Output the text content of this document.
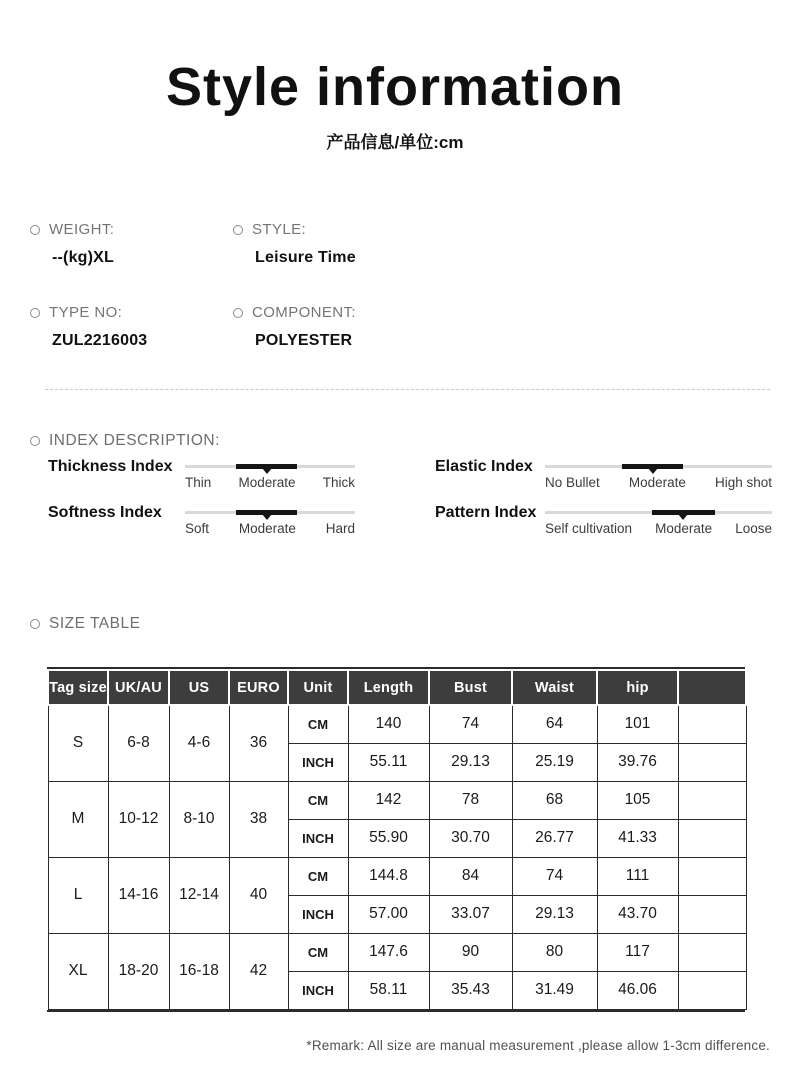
Style information
产品信息/单位:cm
WEIGHT:
--(kg)XL
STYLE:
Leisure Time
TYPE NO:
ZUL2216003
COMPONENT:
POLYESTER
INDEX DESCRIPTION:
Thickness Index
Thin Moderate Thick
Elastic Index
No Bullet Moderate High shot
Softness Index
Soft Moderate Hard
Pattern Index
Self cultivation Moderate Loose
SIZE TABLE
Tag size	UK/AU	US	EURO	Unit	Length	Bust	Waist	hip	
S	6-8	4-6	36	CM	140	74	64	101	
				INCH	55.11	29.13	25.19	39.76	
M	10-12	8-10	38	CM	142	78	68	105	
				INCH	55.90	30.70	26.77	41.33	
L	14-16	12-14	40	CM	144.8	84	74	111	
				INCH	57.00	33.07	29.13	43.70	
XL	18-20	16-18	42	CM	147.6	90	80	117	
				INCH	58.11	35.43	31.49	46.06	
*Remark: All size are manual measurement ,please allow 1-3cm difference.
